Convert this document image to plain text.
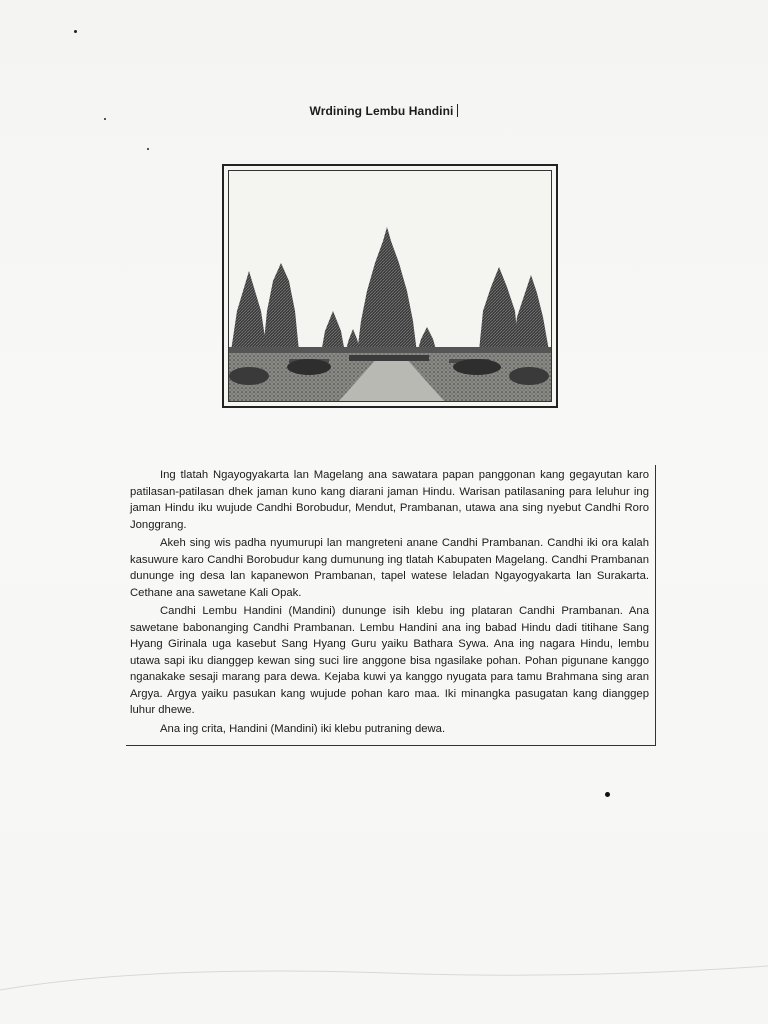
Wrdining Lembu Handini

Ing tlatah Ngayogyakarta lan Magelang ana sawatara papan panggonan kang gegayutan karo patilasan-patilasan dhek jaman kuno kang diarani jaman Hindu. Warisan patilasaning para leluhur ing jaman Hindu iku wujude Candhi Borobudur, Mendut, Prambanan, utawa ana sing nyebut Candhi Roro Jonggrang.

Akeh sing wis padha nyumurupi lan mangreteni anane Candhi Prambanan. Candhi iki ora kalah kasuwure karo Candhi Borobudur kang dumunung ing tlatah Kabupaten Magelang. Candhi Prambanan dununge ing desa lan kapanewon Prambanan, tapel watese leladan Ngayogyakarta lan Surakarta. Cethane ana sawetane Kali Opak.

Candhi Lembu Handini (Mandini) dununge isih klebu ing plataran Candhi Prambanan. Ana sawetane babonanging Candhi Prambanan. Lembu Handini ana ing babad Hindu dadi titihane Sang Hyang Girinala uga kasebut Sang Hyang Guru yaiku Bathara Sywa. Ana ing nagara Hindu, lembu utawa sapi iku dianggep kewan sing suci lire anggone bisa ngasilake pohan. Pohan pigunane kanggo nganakake sesaji marang para dewa. Kejaba kuwi ya kanggo nyugata para tamu Brahmana sing aran Argya. Argya yaiku pasukan kang wujude pohan karo maa. Iki minangka pasugatan kang dianggep luhur dhewe.

Ana ing crita, Handini (Mandini) iki klebu putraning dewa.
